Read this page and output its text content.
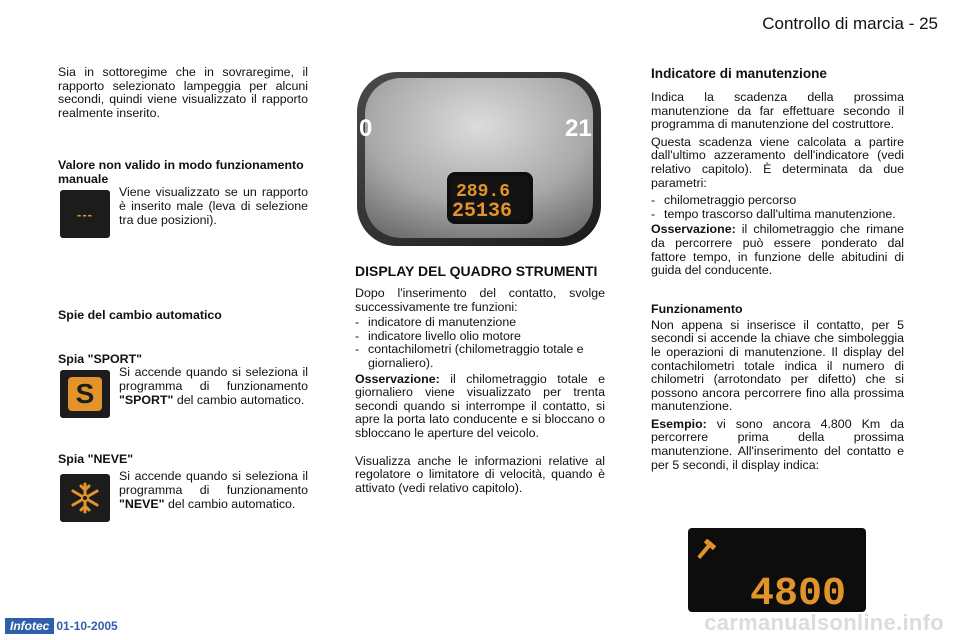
Controllo di marcia - 25

Sia in sottoregime che in sovraregime, il rapporto selezionato lampeggia per alcuni secondi, quindi viene visualizzato il rapporto realmente inserito.

Valore non valido in modo funzionamento manuale
---
Viene visualizzato se un rapporto è inserito male (leva di selezione tra due posizioni).
Spie del cambio automatico
Spia "SPORT"
S
Si accende quando si seleziona il programma di funzionamento "SPORT" del cambio automatico.
Spia "NEVE"
Si accende quando si seleziona il programma di funzionamento "NEVE" del cambio automatico.
0	21
289.6
25136
DISPLAY DEL QUADRO STRUMENTI

Dopo l'inserimento del contatto, svolge successivamente tre funzioni:

- indicatore di manutenzione
- indicatore livello olio motore
- contachilometri (chilometraggio totale e giornaliero).

Osservazione: il chilometraggio totale e giornaliero viene visualizzato per trenta secondi quando si interrompe il contatto, si apre la porta lato conducente e si bloccano o sbloccano le aperture del veicolo.

Visualizza anche le informazioni relative al regolatore o limitatore di velocità, quando è attivato (vedi relativo capitolo).

Indicatore di manutenzione

Indica la scadenza della prossima manutenzione da far effettuare secondo il programma di manutenzione del costruttore.

Questa scadenza viene calcolata a partire dall'ultimo azzeramento dell'indicatore (vedi relativo capitolo). È determinata da due parametri:

- chilometraggio percorso
- tempo trascorso dall'ultima manutenzione.

Osservazione: il chilometraggio che rimane da percorrere può essere ponderato dal fattore tempo, in funzione delle abitudini di guida del conducente.

Funzionamento

Non appena si inserisce il contatto, per 5 secondi si accende la chiave che simboleggia le operazioni di manutenzione. Il display del contachilometri totale indica il numero di chilometri (arrotondato per difetto) che si possono ancora percorrere fino alla prossima manutenzione.

Esempio: vi sono ancora 4.800 Km da percorrere prima della prossima manutenzione. All'inserimento del contatto e per 5 secondi, il display indica:

4800
Infotec 01-10-2005	carmanualsonline.info
